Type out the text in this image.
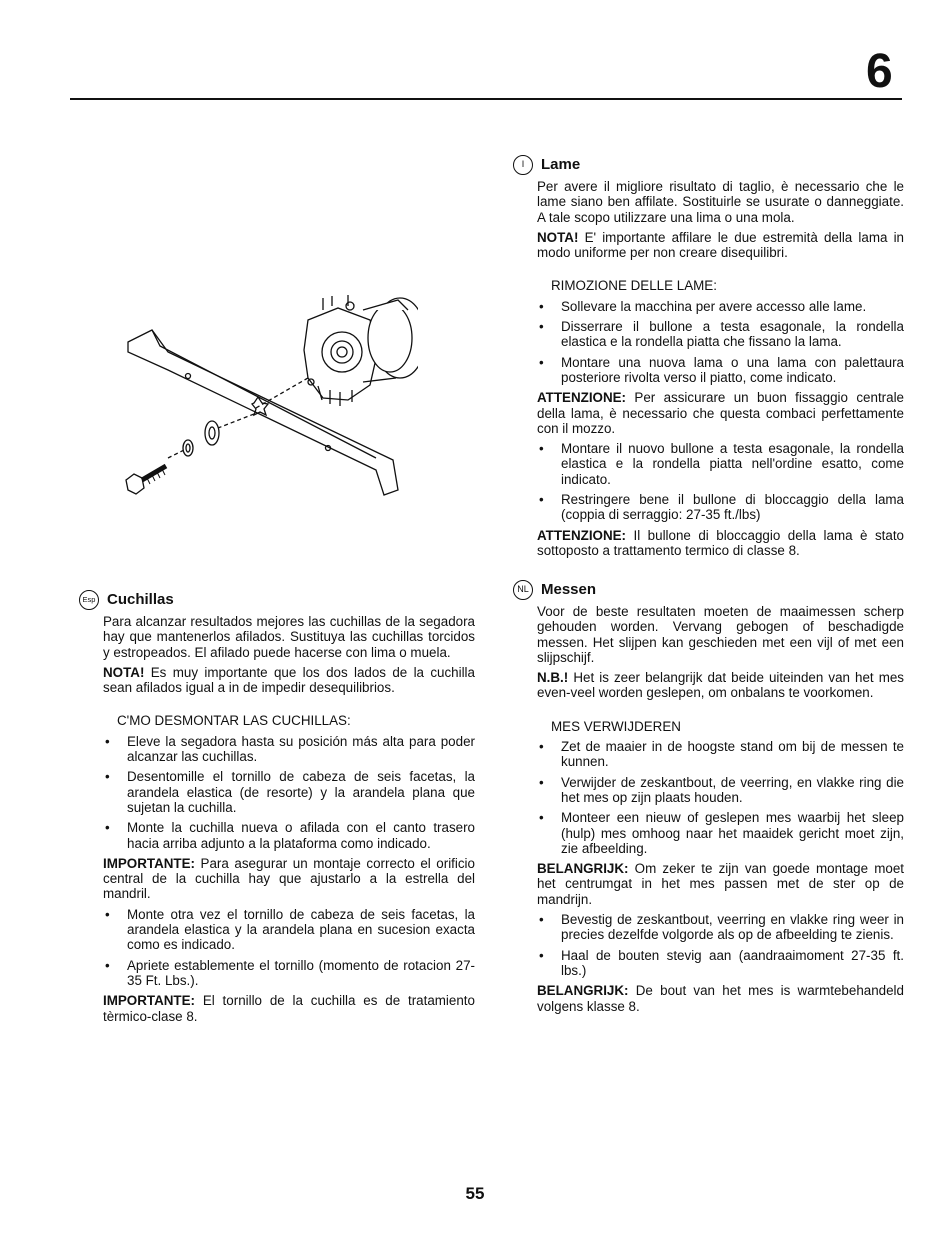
6
I	Lame

Per avere il migliore risultato di taglio, è necessario che le lame siano ben affilate. Sostituirle se usurate o danneggiate. A tale scopo utilizzare una lima o una mola.

NOTA! E' importante affilare le due estremità della lama in modo uniforme per non creare disequilibri.

RIMOZIONE DELLE LAME:

• Sollevare la macchina per avere accesso alle lame.
• Disserrare il bullone a testa esagonale, la rondella elastica e la rondella piatta che fissano la lama.
• Montare una nuova lama o una lama con palettaura posteriore rivolta verso il piatto, come indicato.

ATTENZIONE: Per assicurare un buon fissaggio centrale della lama, è necessario che questa combaci perfettamente con il mozzo.

• Montare il nuovo bullone a testa esagonale, la rondella elastica e la rondella piatta nell'ordine esatto, come indicato.
• Restringere bene il bullone di bloccaggio della lama (coppia di serraggio: 27-35 ft./lbs)

ATTENZIONE: Il bullone di bloccaggio della lama è stato sottoposto a trattamento termico di classe 8.

Esp Cuchillas

Para alcanzar resultados mejores las cuchillas de la segadora hay que mantenerlos afilados. Sustituya las cuchillas torcidos y estropeados. El afilado puede hacerse con lima o muela.

NOTA! Es muy importante que los dos lados de la cuchilla sean afilados igual a in de impedir desequilibrios.

C'MO DESMONTAR LAS CUCHILLAS:

• Eleve la segadora hasta su posición más alta para poder alcanzar las cuchillas.
• Desentomille el tornillo de cabeza de seis facetas, la arandela elastica (de resorte) y la arandela plana que sujetan la cuchilla.
• Monte la cuchilla nueva o afilada con el canto trasero hacia arriba adjunto a la plataforma como indicado.

IMPORTANTE: Para asegurar un montaje correcto el orificio central de la cuchilla hay que ajustarlo a la estrella del mandril.

• Monte otra vez el tornillo de cabeza de seis facetas, la arandela elastica y la arandela plana en sucesion exacta como es indicado.
• Apriete establemente el tornillo (momento de rotacion 27-35 Ft. Lbs.).

IMPORTANTE: El tornillo de la cuchilla es de tratamiento tèrmico-clase 8.

NL Messen

Voor de beste resultaten moeten de maaimessen scherp gehouden worden. Vervang gebogen of beschadigde messen. Het slijpen kan geschieden met een vijl of met een slijpschijf.

N.B.! Het is zeer belangrijk dat beide uiteinden van het mes even-veel worden geslepen, om onbalans te voorkomen.

MES VERWIJDEREN

• Zet de maaier in de hoogste stand om bij de messen te kunnen.
• Verwijder de zeskantbout, de veerring, en vlakke ring die het mes op zijn plaats houden.
• Monteer een nieuw of geslepen mes waarbij het sleep (hulp) mes omhoog naar het maaidek gericht moet zijn, zie afbeelding.

BELANGRIJK: Om zeker te zijn van goede montage moet het centrumgat in het mes passen met de ster op de mandrijn.

• Bevestig de zeskantbout, veerring en vlakke ring weer in precies dezelfde volgorde als op de afbeelding te zienis.
• Haal de bouten stevig aan (aandraaimoment 27-35 ft. lbs.)

BELANGRIJK: De bout van het mes is warmtebehandeld volgens klasse 8.

55
